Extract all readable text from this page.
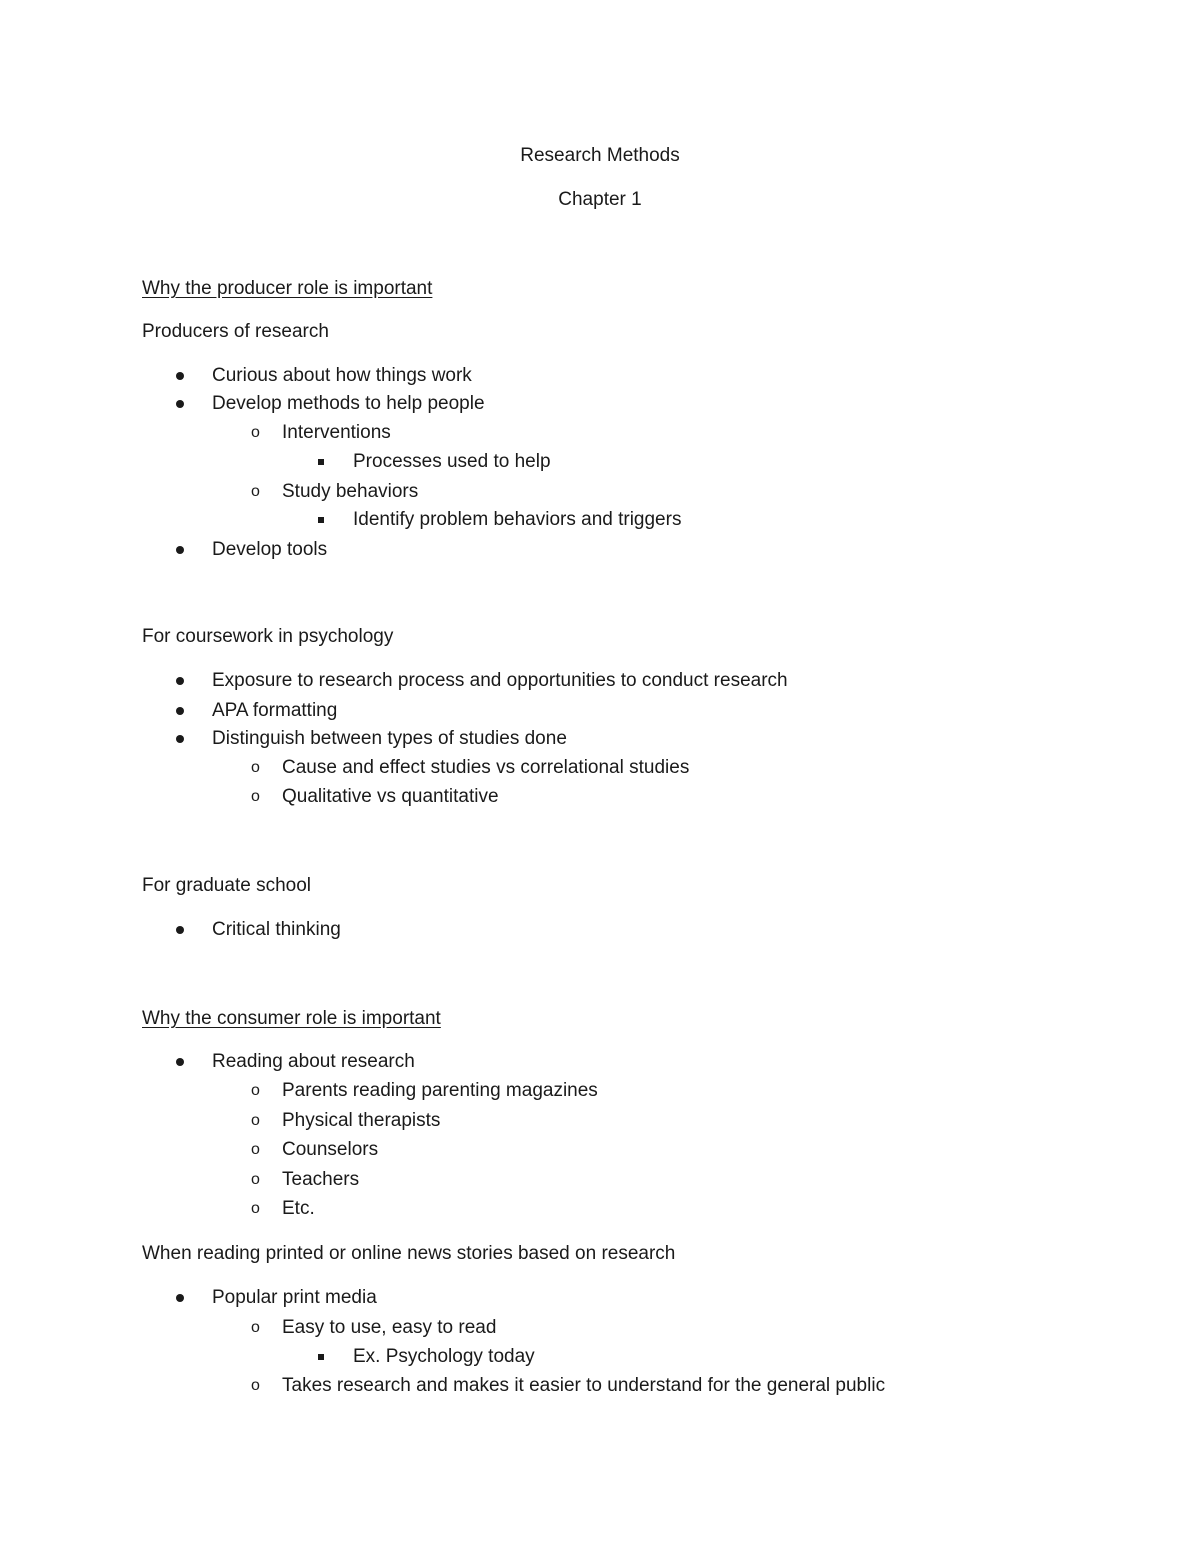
Research Methods
Chapter 1
Why the producer role is important
Producers of research
Curious about how things work
Develop methods to help people
o Interventions
Processes used to help
o Study behaviors
Identify problem behaviors and triggers
Develop tools
For coursework in psychology
Exposure to research process and opportunities to conduct research
APA formatting
Distinguish between types of studies done
o Cause and effect studies vs correlational studies
o Qualitative vs quantitative
For graduate school
Critical thinking
Why the consumer role is important
Reading about research
o Parents reading parenting magazines
o Physical therapists
o Counselors
o Teachers
o Etc.
When reading printed or online news stories based on research
Popular print media
o Easy to use, easy to read
Ex. Psychology today
o Takes research and makes it easier to understand for the general public
